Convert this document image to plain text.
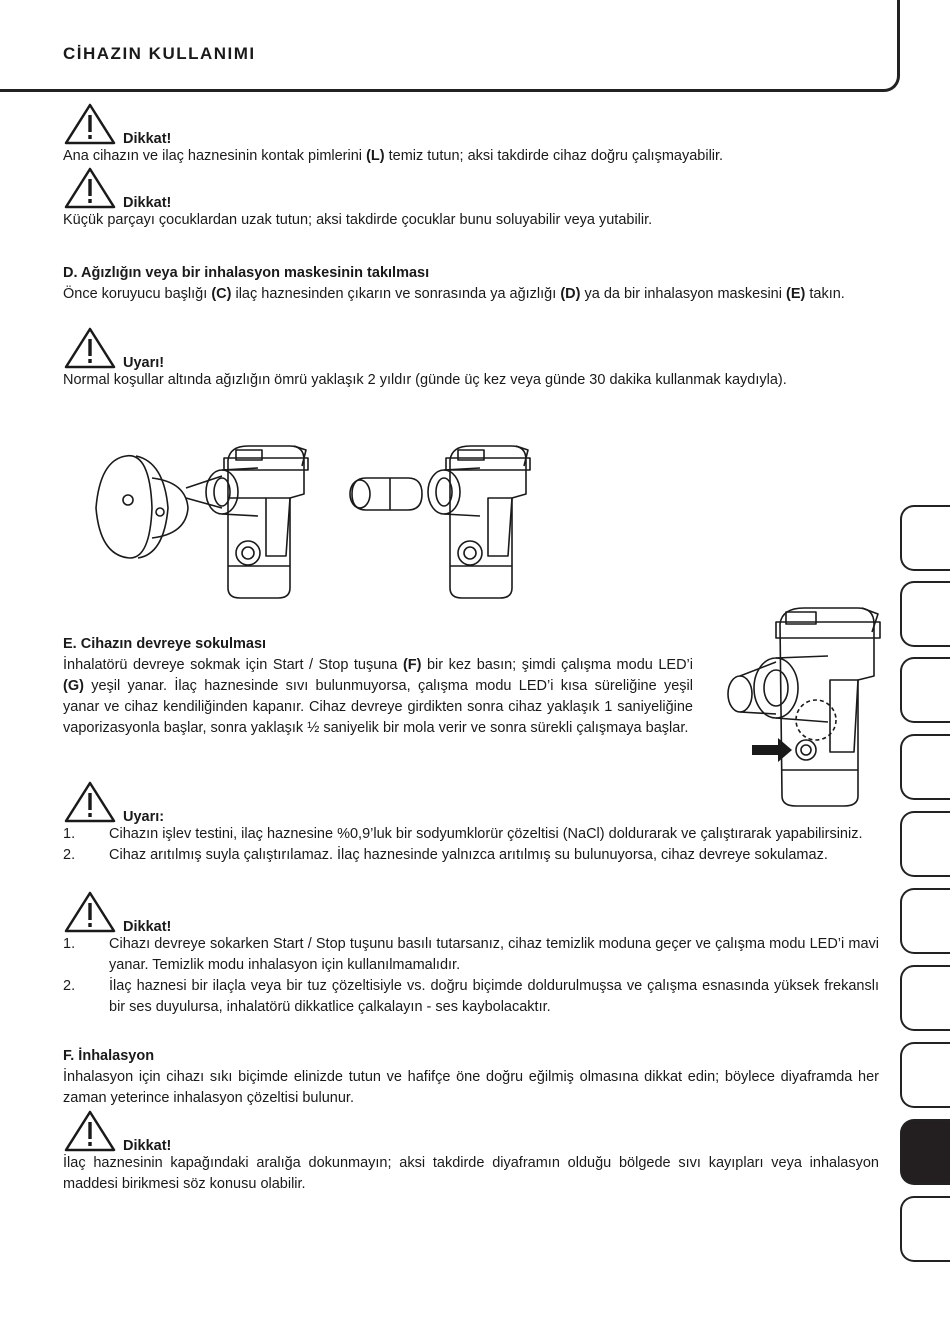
CİHAZIN KULLANIMI
Dikkat!

Ana cihazın ve ilaç haznesinin kontak pimlerini (L) temiz tutun; aksi takdirde cihaz doğru çalışmayabilir.

Dikkat!

Küçük parçayı çocuklardan uzak tutun; aksi takdirde çocuklar bunu soluyabilir veya yutabilir.

D. Ağızlığın veya bir inhalasyon maskesinin takılması

Önce koruyucu başlığı (C) ilaç haznesinden çıkarın ve sonrasında ya ağızlığı (D) ya da bir inhalasyon maskesini (E) takın.

Uyarı!

Normal koşullar altında ağızlığın ömrü yaklaşık 2 yıldır (günde üç kez veya günde 30 dakika kullanmak kaydıyla).

E. Cihazın devreye sokulması

İnhalatörü devreye sokmak için Start / Stop tuşuna (F) bir kez basın; şimdi çalışma modu LED’i (G) yeşil yanar. İlaç haznesinde sıvı bulunmuyorsa, çalışma modu LED’i kısa süreliğine yeşil yanar ve cihaz kendiliğinden kapanır. Cihaz devreye girdikten sonra cihaz yaklaşık 1 saniyeliğine vaporizasyonla başlar, sonra yaklaşık ½ saniyelik bir mola verir ve sonra sürekli çalışmaya başlar.

Uyarı:
1. Cihazın işlev testini, ilaç haznesine %0,9’luk bir sodyumklorür çözeltisi (NaCl) doldurarak ve çalıştırarak yapabilirsiniz.
2. Cihaz arıtılmış suyla çalıştırılamaz. İlaç haznesinde yalnızca arıtılmış su bulunuyorsa, cihaz devreye sokulamaz.
Dikkat!
1. Cihazı devreye sokarken Start / Stop tuşunu basılı tutarsanız, cihaz temizlik moduna geçer ve çalışma modu LED’i mavi yanar. Temizlik modu inhalasyon için kullanılmamalıdır.
2. İlaç haznesi bir ilaçla veya bir tuz çözeltisiyle vs. doğru biçimde doldurulmuşsa ve çalışma esnasında yüksek frekanslı bir ses duyulursa, inhalatörü dikkatlice çalkalayın - ses kaybolacaktır.
F. İnhalasyon

İnhalasyon için cihazı sıkı biçimde elinizde tutun ve hafifçe öne doğru eğilmiş olmasına dikkat edin; böylece diyaframda her zaman yeterince inhalasyon çözeltisi bulunur.

Dikkat!

İlaç haznesinin kapağındaki aralığa dokunmayın; aksi takdirde diyaframın olduğu bölgede sıvı kayıpları veya inhalasyon maddesi birikmesi söz konusu olabilir.
